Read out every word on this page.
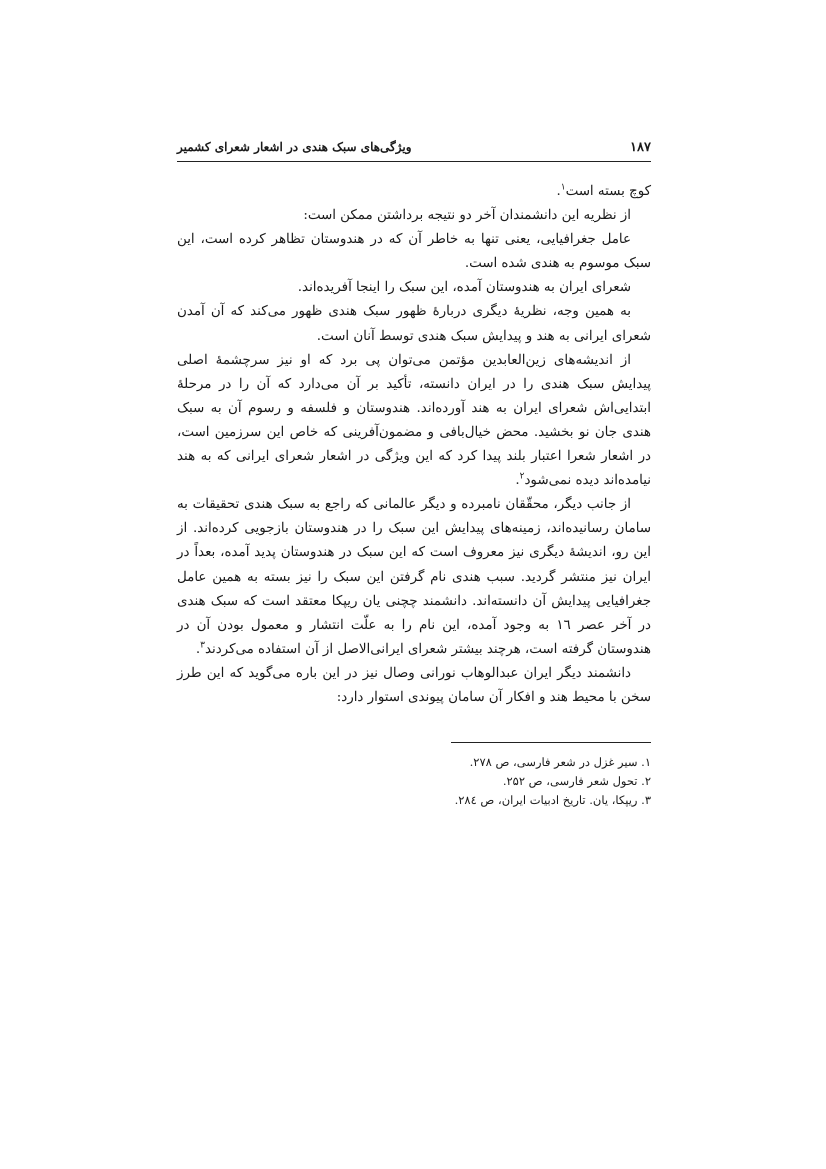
۱۸۷
ویژگی‌های سبک هندی در اشعار شعرای کشمیر

کوچ بسته است$^۱$.

از نظریه این دانشمندان آخر دو نتیجه برداشتن ممکن است:

عامل جغرافیایی، یعنی تنها به خاطر آن که در هندوستان تظاهر کرده است، این سبک موسوم به هندی شده است.

شعرای ایران به هندوستان آمده، این سبک را اینجا آفریده‌اند.

به همین وجه، نظریهٔ دیگری دربارهٔ ظهور سبک هندی ظهور می‌کند که آن آمدن شعرای ایرانی به هند و پیدایش سبک هندی توسط آنان است.

از اندیشه‌های زین‌العابدین مؤتمن می‌توان پی برد که او نیز سرچشمهٔ اصلی پیدایش سبک هندی را در ایران دانسته، تأکید بر آن می‌دارد که آن را در مرحلهٔ ابتدایی‌اش شعرای ایران به هند آورده‌اند. هندوستان و فلسفه و رسوم آن به سبک هندی جان نو بخشید. محض خیال‌بافی و مضمون‌آفرینی که خاص این سرزمین است، در اشعار شعرا اعتبار بلند پیدا کرد که این ویژگی در اشعار شعرای ایرانی که به هند نیامده‌اند دیده نمی‌شود$^۲$.

از جانب دیگر، محقّقان نامبرده و دیگر عالمانی که راجع به سبک هندی تحقیقات به سامان رسانیده‌اند، زمینه‌های پیدایش این سبک را در هندوستان بازجویی کرده‌اند. از این رو، اندیشهٔ دیگری نیز معروف است که این سبک در هندوستان پدید آمده، بعداً در ایران نیز منتشر گردید. سبب هندی نام گرفتن این سبک را نیز بسته به همین عامل جغرافیایی پیدایش آن دانسته‌اند. دانشمند چچنی یان ریپکا معتقد است که سبک هندی در آخر عصر ۱٦ به وجود آمده، این نام را به علّت انتشار و معمول بودن آن در هندوستان گرفته است، هرچند بیشتر شعرای ایرانی‌الاصل از آن استفاده می‌کردند$^۳$.

دانشمند دیگر ایران عبدالوهاب نورانی وصال نیز در این باره می‌گوید که این طرز سخن با محیط هند و افکار آن سامان پیوندی استوار دارد:

۱. سیر غزل در شعر فارسی، ص ۲۷۸.
۲. تحول شعر فارسی، ص ۲۵۲.
۳. ریپکا، یان. تاریخ ادبیات ایران، ص ۲۸٤.
